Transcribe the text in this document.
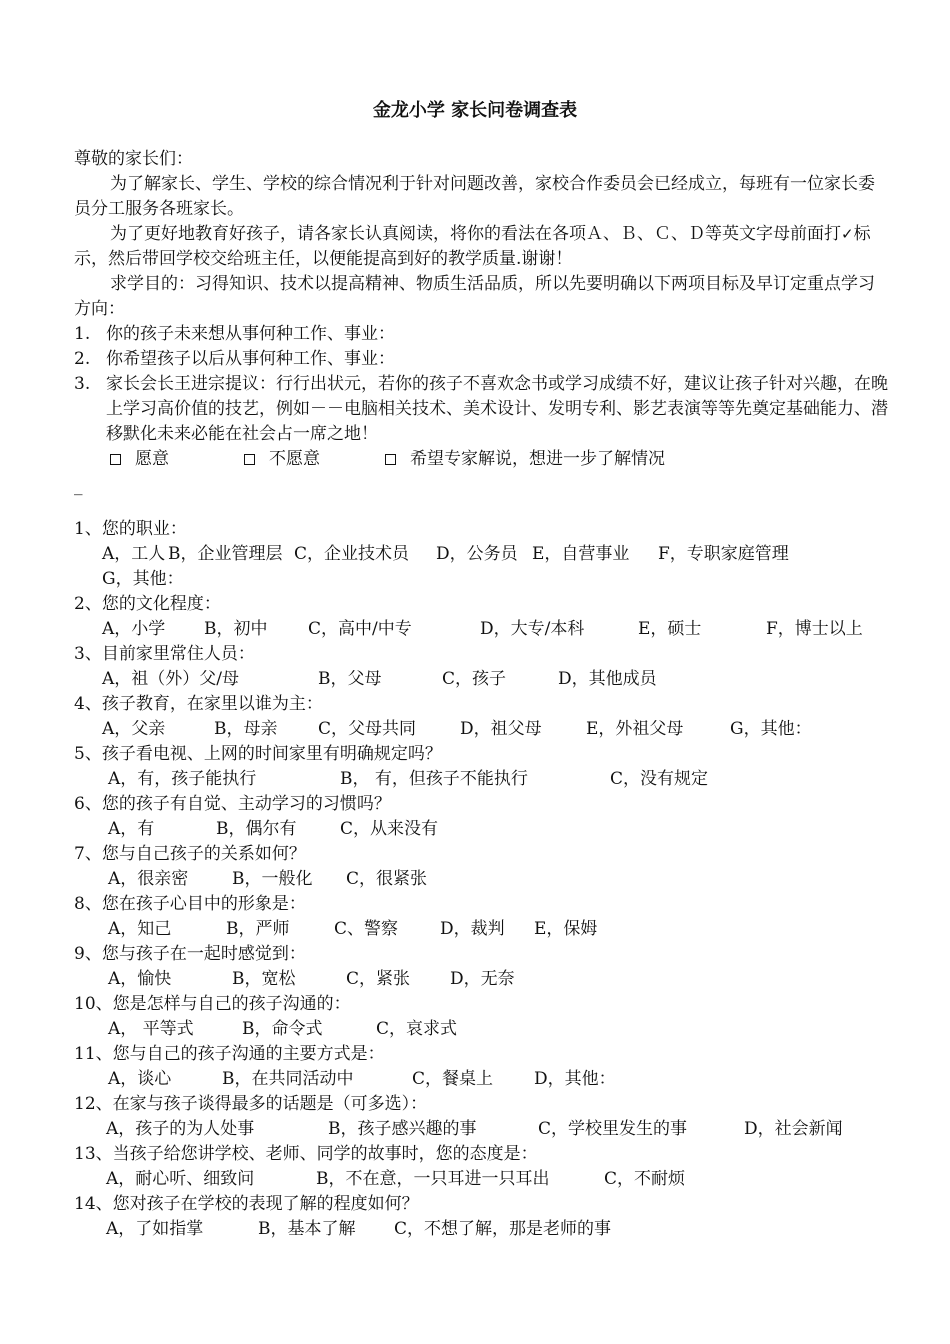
金龙小学 家长问卷调查表

尊敬的家长们：

为了解家长、学生、学校的综合情况利于针对问题改善，家校合作委员会已经成立，每班有一位家长委员分工服务各班家长。

为了更好地教育好孩子，请各家长认真阅读，将你的看法在各项Ａ、Ｂ、Ｃ、Ｄ等英文字母前面打✓标示，然后带回学校交给班主任，以便能提高到好的教学质量.谢谢！

求学目的：习得知识、技术以提高精神、物质生活品质，所以先要明确以下两项目标及早订定重点学习方向：

1. 你的孩子未来想从事何种工作、事业：
2. 你希望孩子以后从事何种工作、事业：
3. 家长会长王进宗提议：行行出状元，若你的孩子不喜欢念书或学习成绩不好，建议让孩子针对兴趣，在晚上学习高价值的技艺，例如－－电脑相关技术、美术设计、发明专利、影艺表演等等先奠定基础能力、潜移默化未来必能在社会占一席之地！
愿意	不愿意	希望专家解说，想进一步了解情况
_

1、您的职业：

A，工人 B，企业管理层 C，企业技术员 D，公务员 E，自营事业 F，专职家庭管理
G，其他：

2、您的文化程度：

A，小学 B，初中 C，高中/中专	D，大专/本科	E，硕士	F，博士以上

3、目前家里常住人员：

A，祖（外）父/母	B，父母	C，孩子	D，其他成员

4、孩子教育，在家里以谁为主：

A，父亲	B，母亲 C，父母共同	D，祖父母	E，外祖父母	G，其他：

5、孩子看电视、上网的时间家里有明确规定吗？

A，有，孩子能执行	B， 有，但孩子不能执行	C，没有规定

6、您的孩子有自觉、主动学习的习惯吗？

A，有	B，偶尔有	C，从来没有

7、您与自己孩子的关系如何？

A，很亲密	B，一般化 C，很紧张

8、您在孩子心目中的形象是：

A，知己	B，严师	C、警察 D，裁判 E，保姆

9、您与孩子在一起时感觉到：

A，愉快	B，宽松	C，紧张 D，无奈

10、您是怎样与自己的孩子沟通的：

A， 平等式	B，命令式	C，哀求式

11、您与自己的孩子沟通的主要方式是：

A，谈心	B，在共同活动中	C，餐桌上 D，其他：

12、在家与孩子谈得最多的话题是（可多选）：

A，孩子的为人处事	B，孩子感兴趣的事	C，学校里发生的事	D，社会新闻

13、当孩子给您讲学校、老师、同学的故事时，您的态度是：

A，耐心听、细致问	B，不在意，一只耳进一只耳出	C，不耐烦

14、您对孩子在学校的表现了解的程度如何？

A，了如指掌	B，基本了解 C，不想了解，那是老师的事
